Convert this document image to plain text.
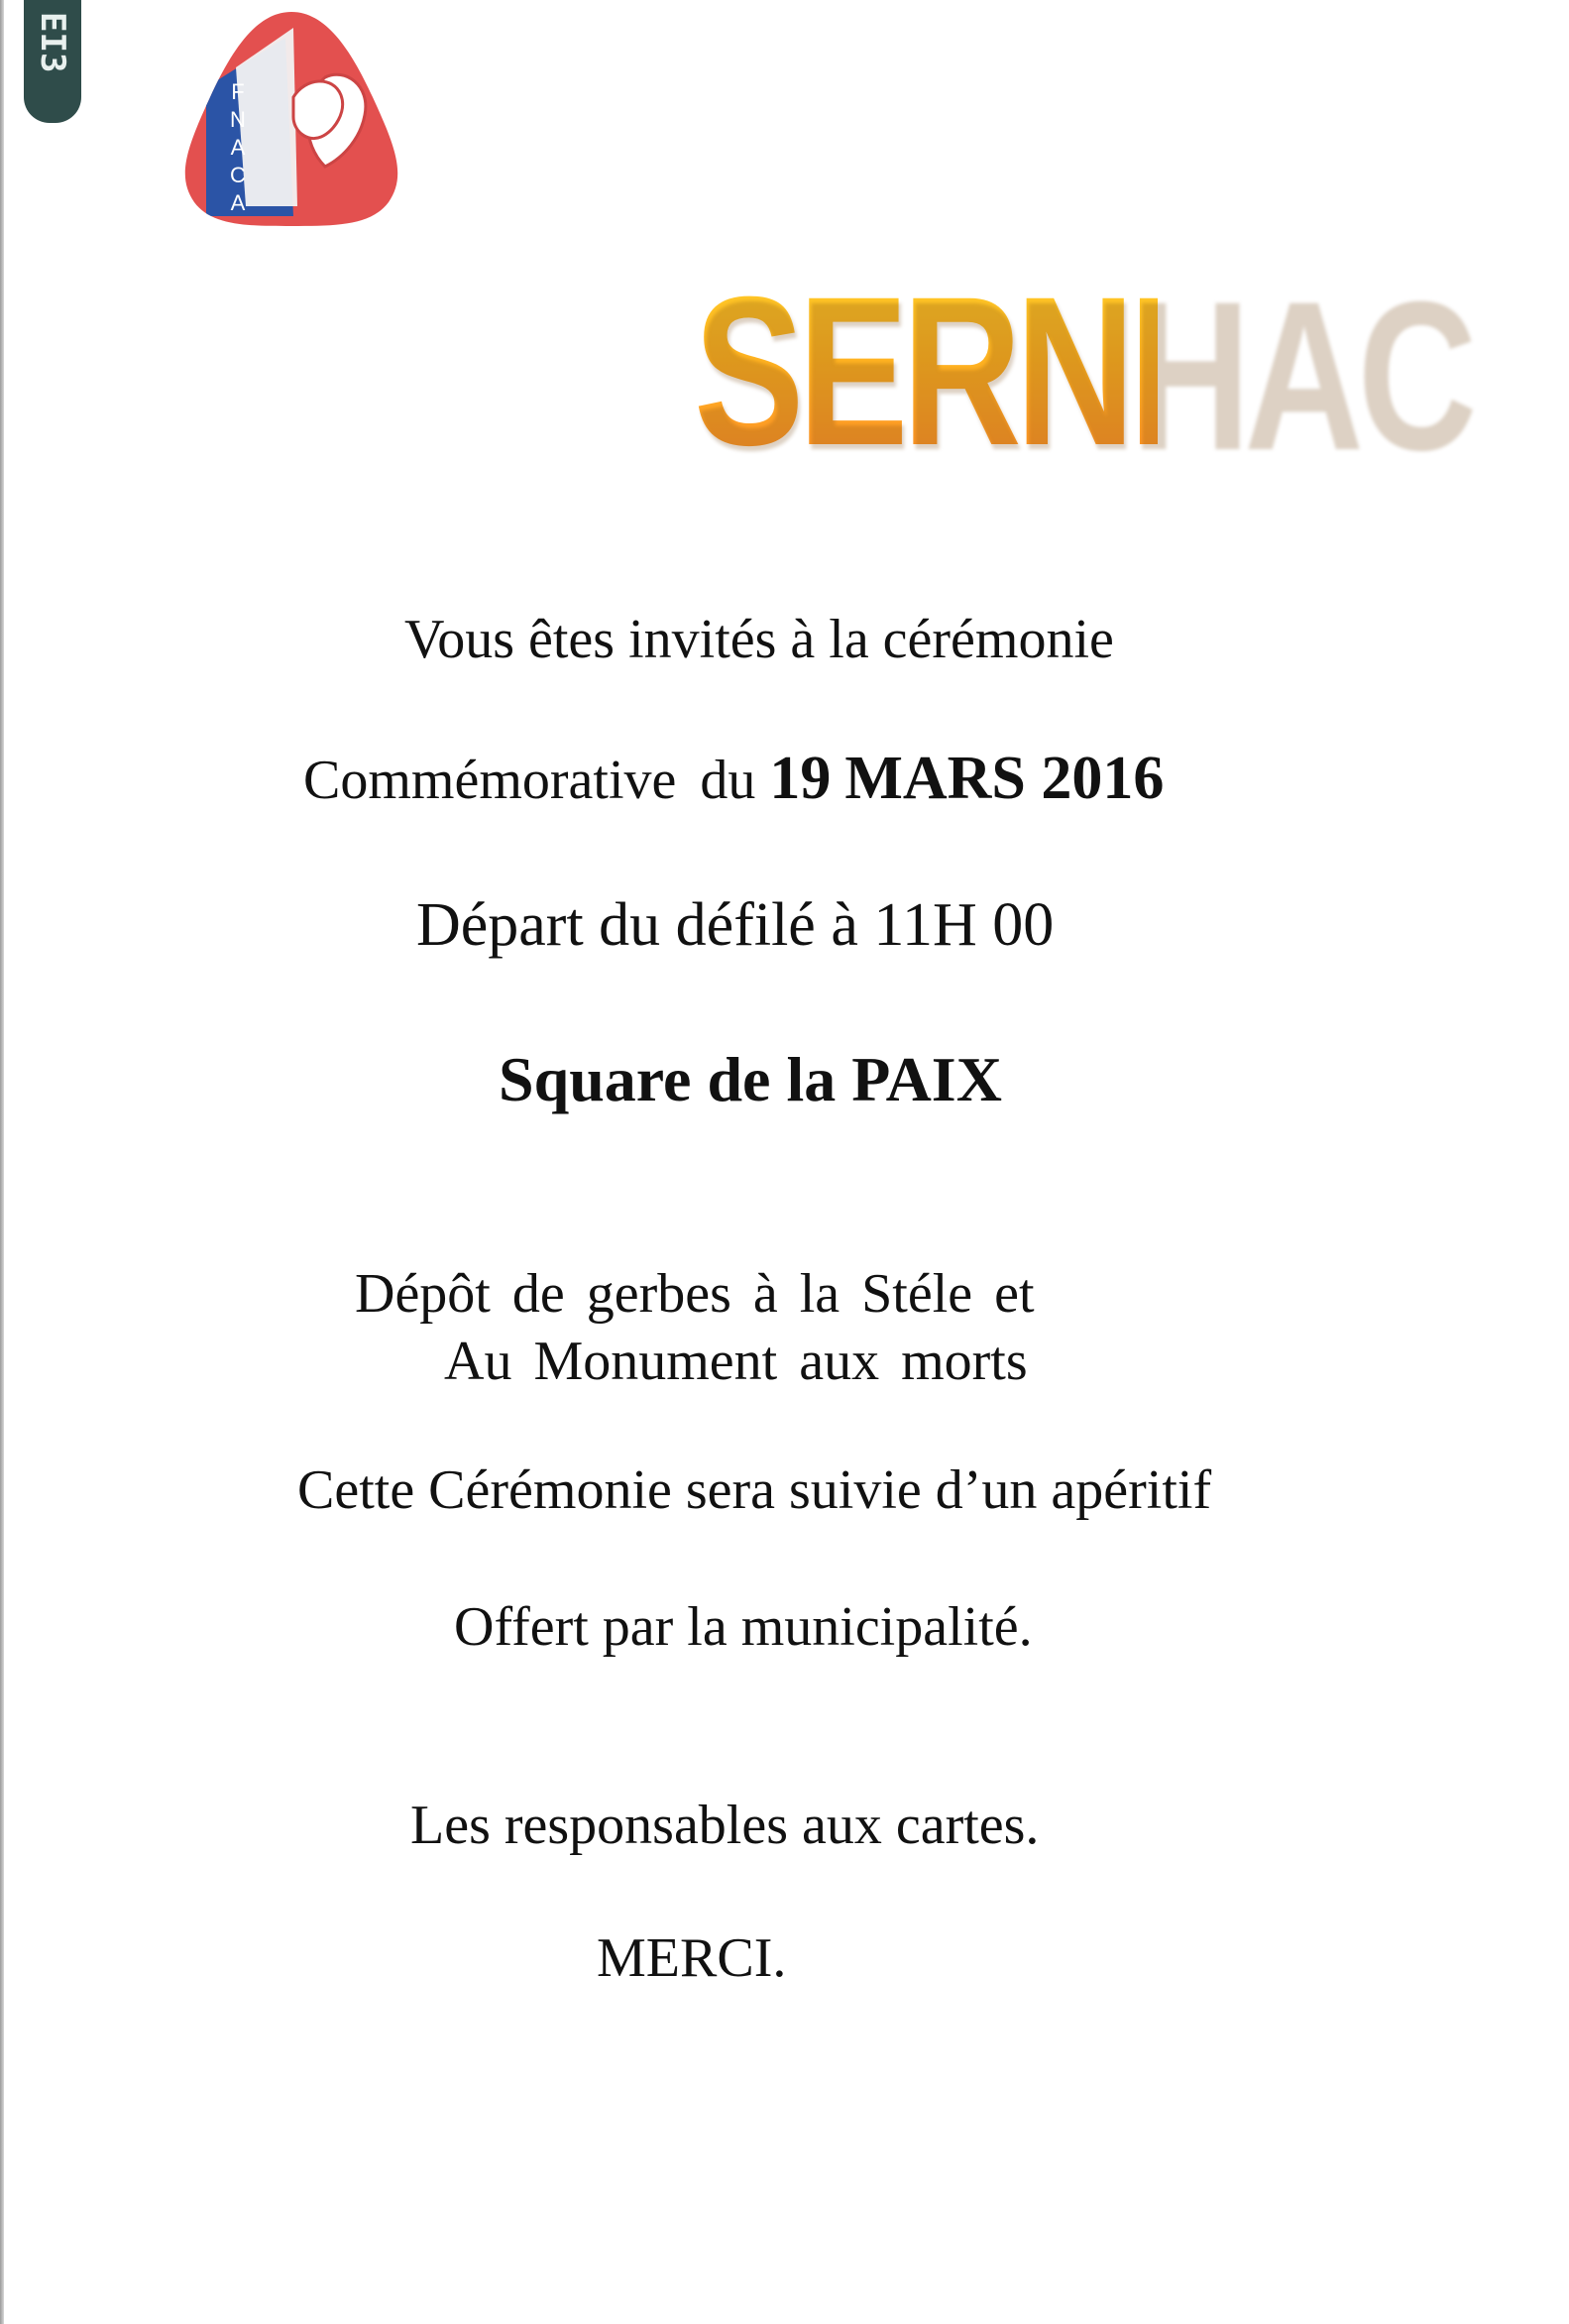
EI3
F
N
A
C
A
SERNHAC

Vous êtes invités à la cérémonie

Commémorative du 19 MARS 2016

Départ du défilé à 11H 00

Square de la PAIX

Dépôt de gerbes à la Stéle et

Au Monument aux morts

Cette Cérémonie sera suivie d’un apéritif

Offert par la municipalité.

Les responsables aux cartes.

MERCI.
